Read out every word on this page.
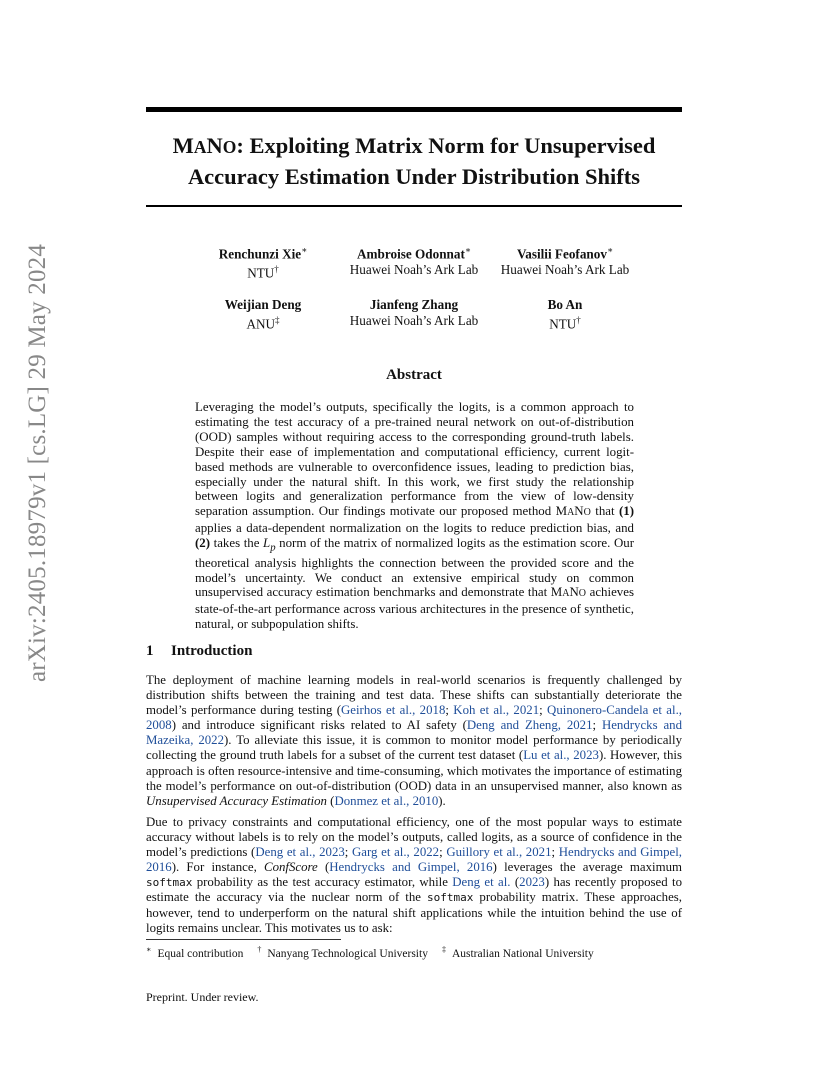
arXiv:2405.18979v1 [cs.LG] 29 May 2024
MANO: Exploiting Matrix Norm for Unsupervised
Accuracy Estimation Under Distribution Shifts
Renchunzi Xie∗
NTU†
Ambroise Odonnat∗
Huawei Noah’s Ark Lab
Vasilii Feofanov∗
Huawei Noah’s Ark Lab
Weijian Deng
ANU‡
Jianfeng Zhang
Huawei Noah’s Ark Lab
Bo An
NTU†
Abstract
Leveraging the model’s outputs, specifically the logits, is a common approach to estimating the test accuracy of a pre-trained neural network on out-of-distribution (OOD) samples without requiring access to the corresponding ground-truth labels. Despite their ease of implementation and computational efficiency, current logit-based methods are vulnerable to overconfidence issues, leading to prediction bias, especially under the natural shift. In this work, we first study the relationship between logits and generalization performance from the view of low-density separation assumption. Our findings motivate our proposed method MANO that (1) applies a data-dependent normalization on the logits to reduce prediction bias, and (2) takes the $L_p$ norm of the matrix of normalized logits as the estimation score. Our theoretical analysis highlights the connection between the provided score and the model’s uncertainty. We conduct an extensive empirical study on common unsupervised accuracy estimation benchmarks and demonstrate that MANO achieves state-of-the-art performance across various architectures in the presence of synthetic, natural, or subpopulation shifts.
1 Introduction
The deployment of machine learning models in real-world scenarios is frequently challenged by distribution shifts between the training and test data. These shifts can substantially deteriorate the model’s performance during testing (Geirhos et al., 2018; Koh et al., 2021; Quinonero-Candela et al., 2008) and introduce significant risks related to AI safety (Deng and Zheng, 2021; Hendrycks and Mazeika, 2022). To alleviate this issue, it is common to monitor model performance by periodically collecting the ground truth labels for a subset of the current test dataset (Lu et al., 2023). However, this approach is often resource-intensive and time-consuming, which motivates the importance of estimating the model’s performance on out-of-distribution (OOD) data in an unsupervised manner, also known as Unsupervised Accuracy Estimation (Donmez et al., 2010).
Due to privacy constraints and computational efficiency, one of the most popular ways to estimate accuracy without labels is to rely on the model’s outputs, called logits, as a source of confidence in the model’s predictions (Deng et al., 2023; Garg et al., 2022; Guillory et al., 2021; Hendrycks and Gimpel, 2016). For instance, ConfScore (Hendrycks and Gimpel, 2016) leverages the average maximum softmax probability as the test accuracy estimator, while Deng et al. (2023) has recently proposed to estimate the accuracy via the nuclear norm of the softmax probability matrix. These approaches, however, tend to underperform on the natural shift applications while the intuition behind the use of logits remains unclear. This motivates us to ask:
∗ Equal contribution † Nanyang Technological University ‡ Australian National University
Preprint. Under review.
